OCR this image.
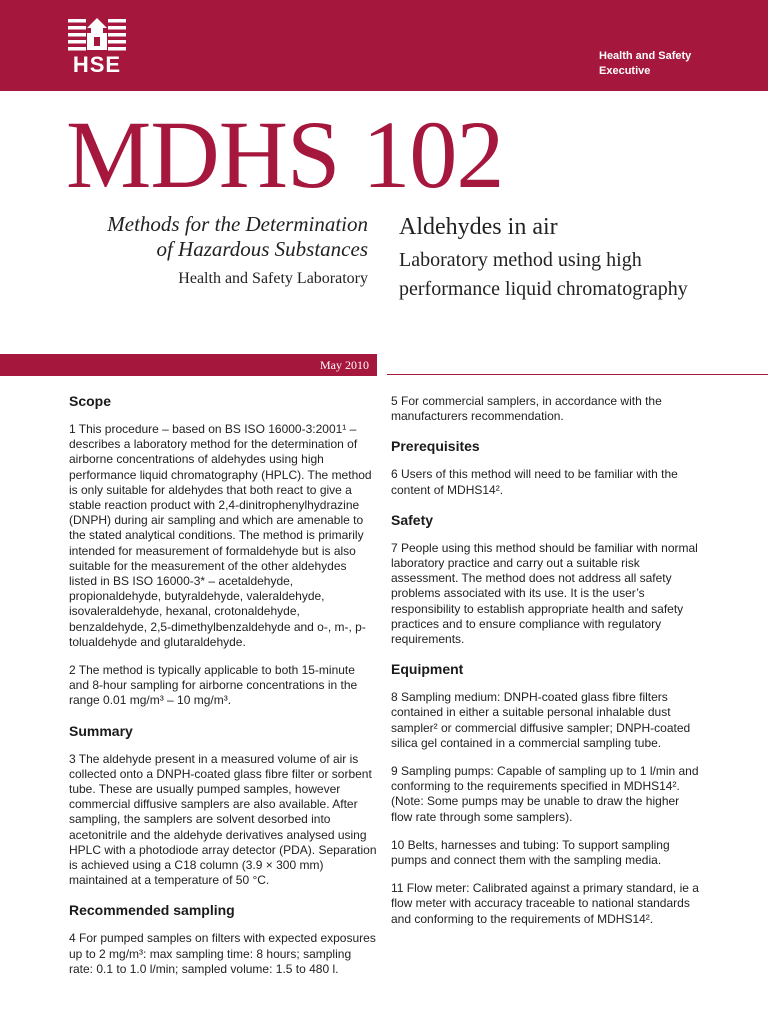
HSE	Health and Safety
Executive
MDHS 102
Methods for the Determination
of Hazardous Substances
Health and Safety Laboratory
Aldehydes in air
Laboratory method using high performance liquid chromatography
May 2010
Scope

1 This procedure – based on BS ISO 16000-3:2001¹ – describes a laboratory method for the determination of airborne concentrations of aldehydes using high performance liquid chromatography (HPLC). The method is only suitable for aldehydes that both react to give a stable reaction product with 2,4-dinitrophenylhydrazine (DNPH) during air sampling and which are amenable to the stated analytical conditions. The method is primarily intended for measurement of formaldehyde but is also suitable for the measurement of the other aldehydes listed in BS ISO 16000-3* – acetaldehyde, propionaldehyde, butyraldehyde, valeraldehyde, isovaleraldehyde, hexanal, crotonaldehyde, benzaldehyde, 2,5-dimethylbenzaldehyde and o-, m-, p-tolualdehyde and glutaraldehyde.

2 The method is typically applicable to both 15-minute and 8-hour sampling for airborne concentrations in the range 0.01 mg/m³ – 10 mg/m³.

Summary

3 The aldehyde present in a measured volume of air is collected onto a DNPH-coated glass fibre filter or sorbent tube. These are usually pumped samples, however commercial diffusive samplers are also available. After sampling, the samplers are solvent desorbed into acetonitrile and the aldehyde derivatives analysed using HPLC with a photodiode array detector (PDA). Separation is achieved using a C18 column (3.9 × 300 mm) maintained at a temperature of 50 °C.

Recommended sampling

4 For pumped samples on filters with expected exposures up to 2 mg/m³: max sampling time: 8 hours; sampling rate: 0.1 to 1.0 l/min; sampled volume: 1.5 to 480 l.

5 For commercial samplers, in accordance with the manufacturers recommendation.

Prerequisites

6 Users of this method will need to be familiar with the content of MDHS14².

Safety

7 People using this method should be familiar with normal laboratory practice and carry out a suitable risk assessment. The method does not address all safety problems associated with its use. It is the user’s responsibility to establish appropriate health and safety practices and to ensure compliance with regulatory requirements.

Equipment

8 Sampling medium: DNPH-coated glass fibre filters contained in either a suitable personal inhalable dust sampler² or commercial diffusive sampler; DNPH-coated silica gel contained in a commercial sampling tube.

9 Sampling pumps: Capable of sampling up to 1 l/min and conforming to the requirements specified in MDHS14². (Note: Some pumps may be unable to draw the higher flow rate through some samplers).

10 Belts, harnesses and tubing: To support sampling pumps and connect them with the sampling media.

11 Flow meter: Calibrated against a primary standard, ie a flow meter with accuracy traceable to national standards and conforming to the requirements of MDHS14².
